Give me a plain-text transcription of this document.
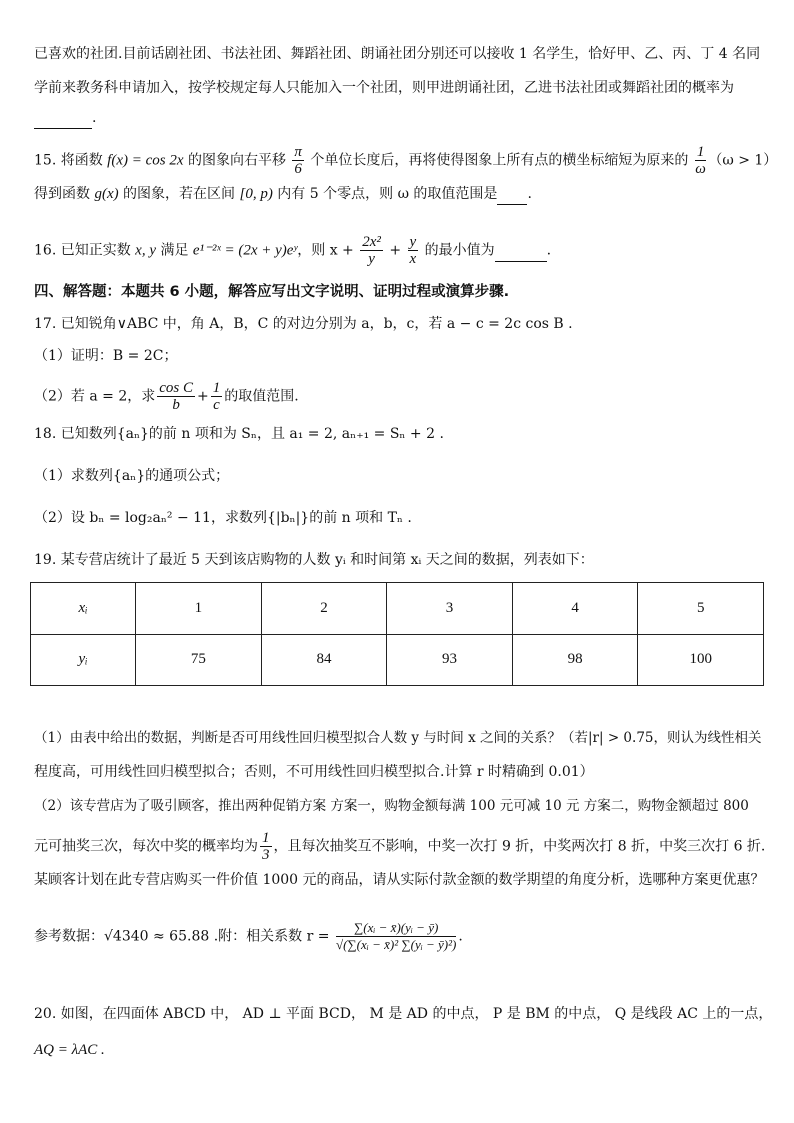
已喜欢的社团.目前话剧社团、书法社团、舞蹈社团、朗诵社团分别还可以接收 1 名学生，恰好甲、乙、丙、丁 4 名同
学前来教务科申请加入，按学校规定每人只能加入一个社团，则甲进朗诵社团，乙进书法社团或舞蹈社团的概率为
.
15. 将函数 f(x) = cos 2x 的图象向右平移 $\frac{\pi}{6}$ 个单位长度后，再将使得图象上所有点的横坐标缩短为原来的 $\frac{1}{\omega} (\omega > 1)$
得到函数 g(x) 的图象，若在区间 [0, p) 内有 5 个零点，则 ω 的取值范围是 .
16. 已知正实数 x, y 满足 e¹⁻²ˣ = (2x + y)eʸ，则 $x + \frac{\text{2x²}}{y} + \frac{y}{x}$ 的最小值为	.
四、解答题：本题共 6 小题，解答应写出文字说明、证明过程或演算步骤.
17. 已知锐角∨ABC 中，角 A，B，C 的对边分别为 a，b，c，若 a − c = 2c cos B .
（1）证明：B = 2C；
（2）若 a = 2，求 $\frac{\text{cos C}}{b} + \frac{1}{c}$ 的取值范围.
18. 已知数列{aₙ}的前 n 项和为 Sₙ，且 a₁ = 2, aₙ₊₁ = Sₙ + 2 .
（1）求数列{aₙ}的通项公式；
（2）设 bₙ = log₂aₙ² − 11，求数列{|bₙ|}的前 n 项和 Tₙ .
19. 某专营店统计了最近 5 天到该店购物的人数 yᵢ 和时间第 xᵢ 天之间的数据，列表如下：
xᵢ	1	2	3	4	5
yᵢ	75	84	93	98	100
（1）由表中给出的数据，判断是否可用线性回归模型拟合人数 y 与时间 x 之间的关系？（若|r| > 0.75，则认为线性相关
程度高，可用线性回归模型拟合；否则，不可用线性回归模型拟合.计算 r 时精确到 0.01）
（2）该专营店为了吸引顾客，推出两种促销方案 方案一，购物金额每满 100 元可减 10 元 方案二，购物金额超过 800
元可抽奖三次，每次中奖的概率均为 $\frac{1}{3}$ ，且每次抽奖互不影响，中奖一次打 9 折，中奖两次打 8 折，中奖三次打 6 折.
某顾客计划在此专营店购买一件价值 1000 元的商品，请从实际付款金额的数学期望的角度分析，选哪种方案更优惠？
参考数据：√4340 ≈ 65.88 .附：相关系数 $r = \frac{\text{∑(xᵢ − x̄)(yᵢ − ȳ)}}{\text{√(∑(xᵢ − x̄)² ∑(yᵢ − ȳ)²)}}$ .
20. 如图，在四面体 ABCD 中， AD ⊥ 平面 BCD， M 是 AD 的中点， P 是 BM 的中点， Q 是线段 AC 上的一点，
AQ = λAC .
